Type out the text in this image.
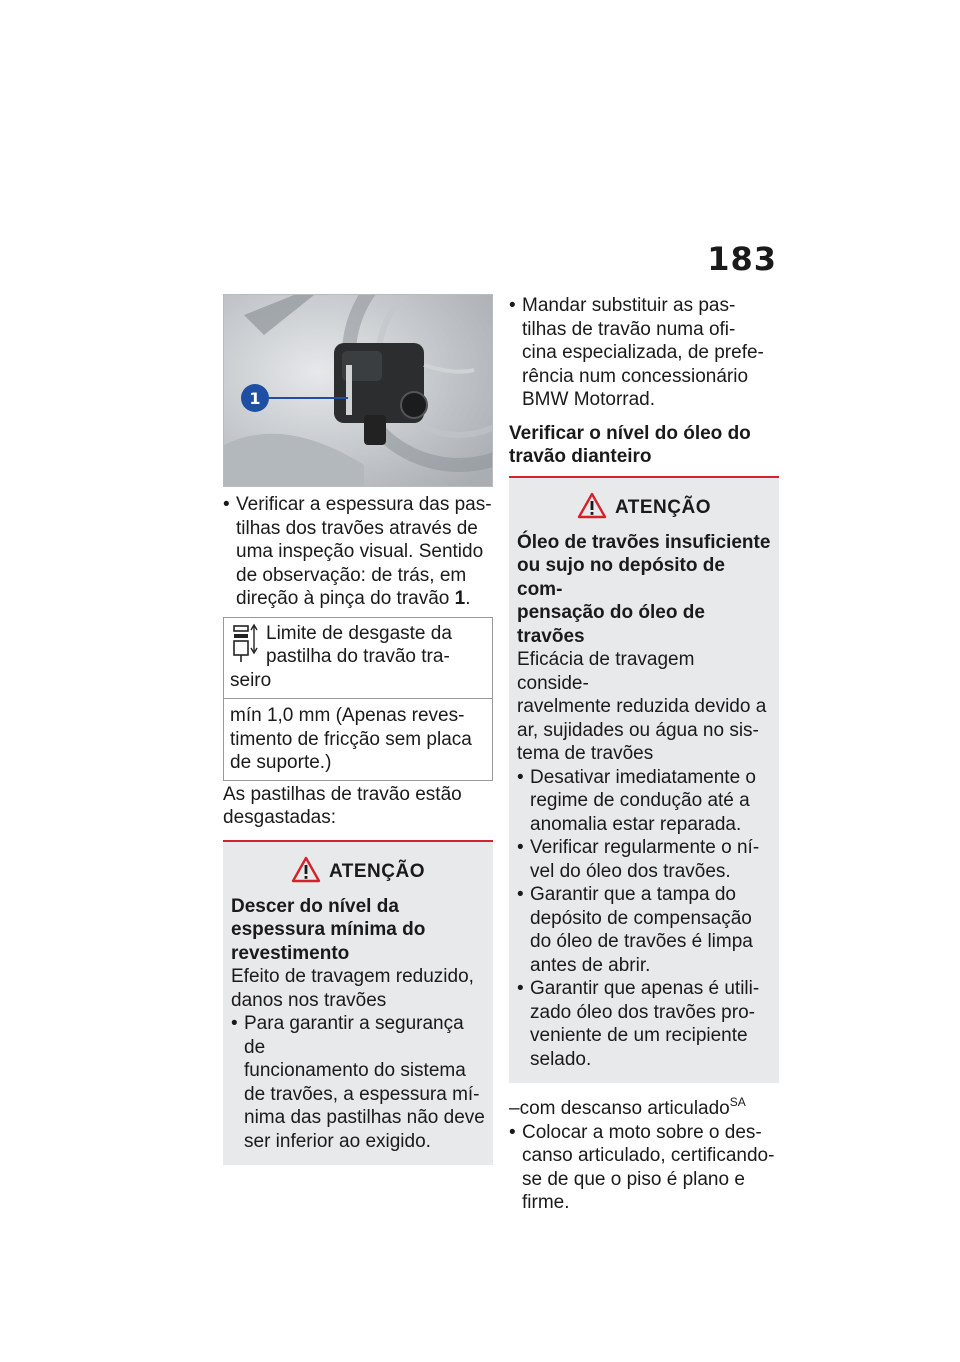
183
1
• Verificar a espessura das pas-
tilhas dos travões através de
uma inspeção visual. Sentido
de observação: de trás, em
direção à pinça do travão 1.
Limite de desgaste da
pastilha do travão tra-
seiro
mín 1,0 mm (Apenas reves-
timento de fricção sem placa
de suporte.)

As pastilhas de travão estão
desgastadas:

ATENÇÃO
Descer do nível da
espessura mínima do
revestimento

Efeito de travagem reduzido,
danos nos travões

• Para garantir a segurança de
funcionamento do sistema
de travões, a espessura mí-
nima das pastilhas não deve
ser inferior ao exigido.
• Mandar substituir as pas-
tilhas de travão numa ofi-
cina especializada, de prefe-
rência num concessionário
BMW Motorrad.
Verificar o nível do óleo do
travão dianteiro
ATENÇÃO
Óleo de travões insuficiente
ou sujo no depósito de com-
pensação do óleo de travões

Eficácia de travagem conside-
ravelmente reduzida devido a
ar, sujidades ou água no sis-
tema de travões

• Desativar imediatamente o
regime de condução até a
anomalia estar reparada.
• Verificar regularmente o ní-
vel do óleo dos travões.
• Garantir que a tampa do
depósito de compensação
do óleo de travões é limpa
antes de abrir.
• Garantir que apenas é utili-
zado óleo dos travões pro-
veniente de um recipiente
selado.

–com descanso articulado$^{SA}$

• Colocar a moto sobre o des-
canso articulado, certificando-
se de que o piso é plano e
firme.
